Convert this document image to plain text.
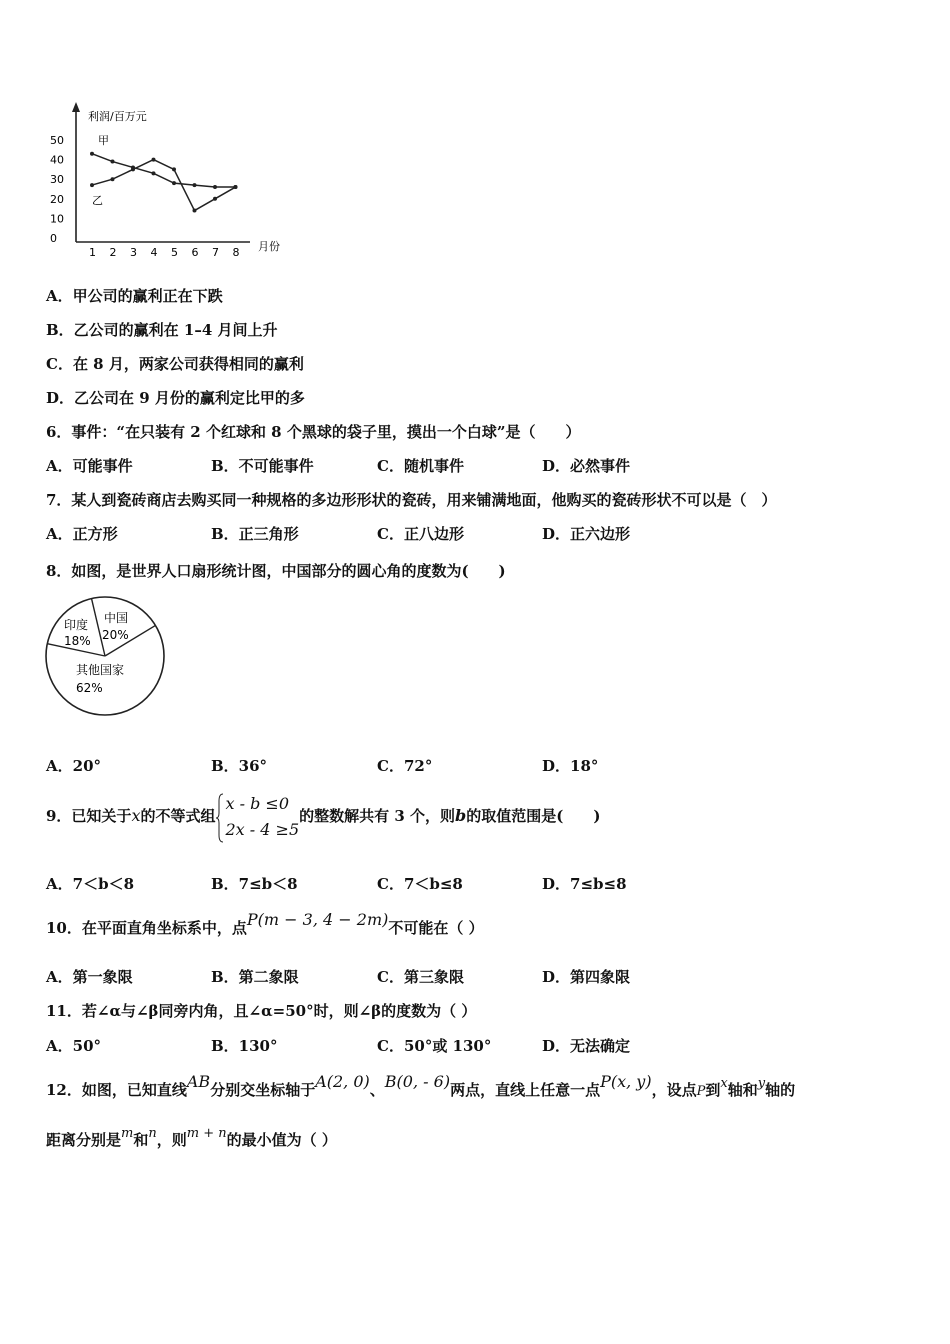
利润/百万元
月份
50
40
30
20
10
0
1 2 3 4 5 6 7 8
甲
乙
A．甲公司的赢利正在下跌
B．乙公司的赢利在 1–4 月间上升
C．在 8 月，两家公司获得相同的赢利
D．乙公司在 9 月份的赢利定比甲的多
6．事件：“在只装有 2 个红球和 8 个黑球的袋子里，摸出一个白球”是（　　）
A．可能事件	B．不可能事件	C．随机事件	D．必然事件
7．某人到瓷砖商店去购买同一种规格的多边形形状的瓷砖，用来铺满地面，他购买的瓷砖形状不可以是（　）
A．正方形	B．正三角形	C．正八边形	D．正六边形
8．如图，是世界人口扇形统计图，中国部分的圆心角的度数为(　　)
印度
18%
中国
20%
其他国家
62%
A．20°	B．36°	C．72°	D．18°
9．已知关于x的不等式组
x - b ≤0
2x - 4 ≥5
的整数解共有 3 个，则b的取值范围是(　　)
A．7＜b＜8	B．7≤b＜8	C．7＜b≤8	D．7≤b≤8
10．在平面直角坐标系中，点P(m − 3, 4 − 2m)不可能在（ ）
A．第一象限	B．第二象限	C．第三象限	D．第四象限
11．若∠α与∠β同旁内角，且∠α=50°时，则∠β的度数为（ ）
A．50°	B．130°	C．50°或 130°	D．无法确定
12．如图，已知直线AB分别交坐标轴于A(2, 0)、B(0, - 6)两点，直线上任意一点P(x, y)，设点P到x轴和y轴的
距离分别是m和n，则m + n的最小值为（ ）
